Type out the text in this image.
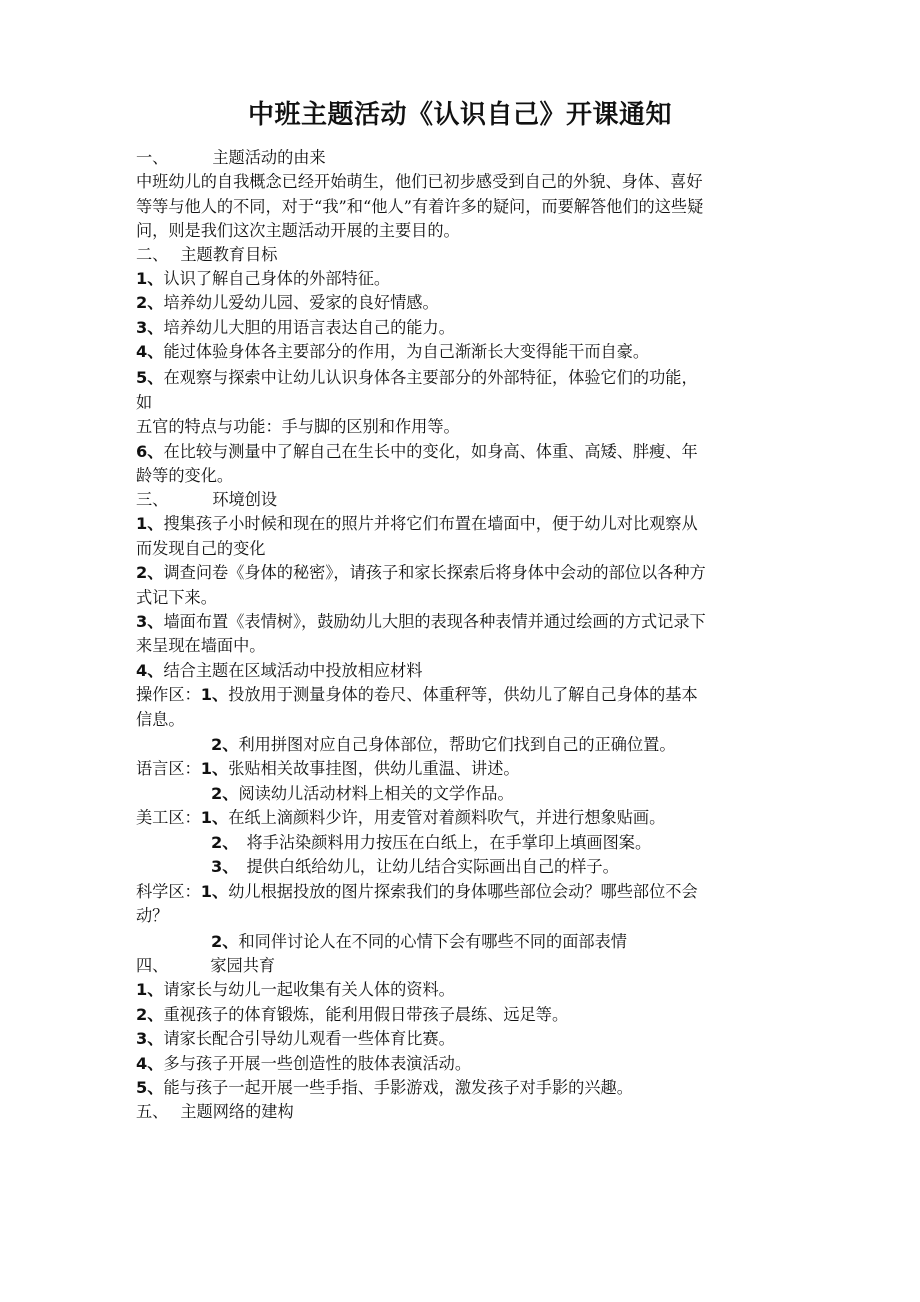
中班主题活动《认识自己》开课通知
一、	主题活动的由来
中班幼儿的自我概念已经开始萌生，他们已初步感受到自己的外貌、身体、喜好
等等与他人的不同，对于“我”和“他人”有着许多的疑问，而要解答他们的这些疑
问，则是我们这次主题活动开展的主要目的。
二、 主题教育目标
1、认识了解自己身体的外部特征。
2、培养幼儿爱幼儿园、爱家的良好情感。
3、培养幼儿大胆的用语言表达自己的能力。
4、能过体验身体各主要部分的作用，为自己渐渐长大变得能干而自豪。
5、在观察与探索中让幼儿认识身体各主要部分的外部特征，体验它们的功能，
如
五官的特点与功能：手与脚的区别和作用等。
6、在比较与测量中了解自己在生长中的变化，如身高、体重、高矮、胖瘦、年
龄等的变化。
三、	环境创设
1、搜集孩子小时候和现在的照片并将它们布置在墙面中，便于幼儿对比观察从
而发现自己的变化
2、调查问卷《身体的秘密》，请孩子和家长探索后将身体中会动的部位以各种方
式记下来。
3、墙面布置《表情树》，鼓励幼儿大胆的表现各种表情并通过绘画的方式记录下
来呈现在墙面中。
4、结合主题在区域活动中投放相应材料
操作区：1、投放用于测量身体的卷尺、体重秤等，供幼儿了解自己身体的基本
信息。
2、利用拼图对应自己身体部位，帮助它们找到自己的正确位置。
语言区：1、张贴相关故事挂图，供幼儿重温、讲述。
2、阅读幼儿活动材料上相关的文学作品。
美工区：1、在纸上滴颜料少许，用麦管对着颜料吹气，并进行想象贴画。
2、 将手沾染颜料用力按压在白纸上，在手掌印上填画图案。
3、 提供白纸给幼儿，让幼儿结合实际画出自己的样子。
科学区：1、幼儿根据投放的图片探索我们的身体哪些部位会动？哪些部位不会
动？
2、和同伴讨论人在不同的心情下会有哪些不同的面部表情
四、	家园共育
1、请家长与幼儿一起收集有关人体的资料。
2、重视孩子的体育锻炼，能利用假日带孩子晨练、远足等。
3、请家长配合引导幼儿观看一些体育比赛。
4、多与孩子开展一些创造性的肢体表演活动。
5、能与孩子一起开展一些手指、手影游戏，激发孩子对手影的兴趣。
五、 主题网络的建构
